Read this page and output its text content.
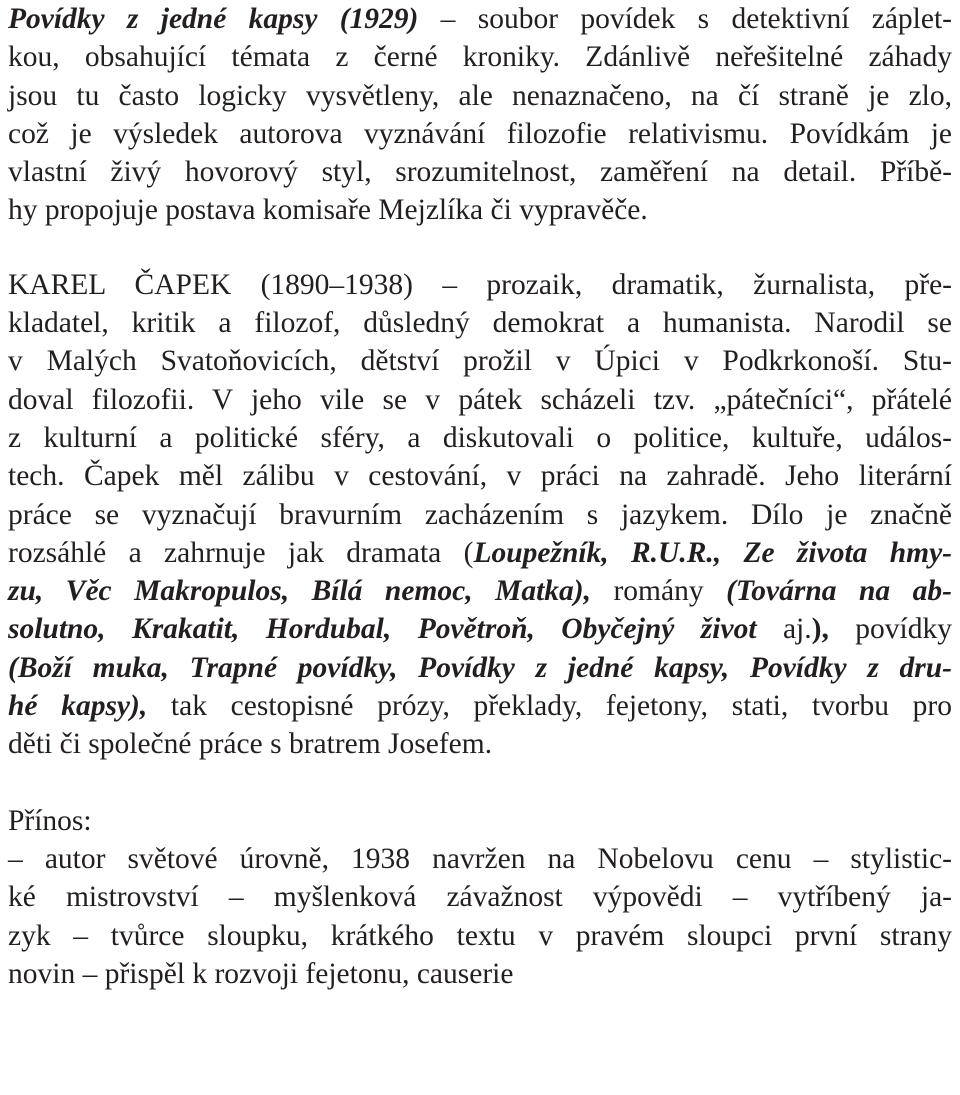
Povídky z jedné kapsy (1929) – soubor povídek s detektivní záplet-
kou, obsahující témata z černé kroniky. Zdánlivě neřešitelné záhady
jsou tu často logicky vysvětleny, ale nenaznačeno, na čí straně je zlo,
což je výsledek autorova vyznávání filozofie relativismu. Povídkám je
vlastní živý hovorový styl, srozumitelnost, zaměření na detail. Příbě-
hy propojuje postava komisaře Mejzlíka či vypravěče.

KAREL ČAPEK (1890–1938) – prozaik, dramatik, žurnalista, pře-
kladatel, kritik a filozof, důsledný demokrat a humanista. Narodil se
v Malých Svatoňovicích, dětství prožil v Úpici v Podkrkonoší. Stu-
doval filozofii. V jeho vile se v pátek scházeli tzv. „pátečníci“, přátelé
z kulturní a politické sféry, a diskutovali o politice, kultuře, událos-
tech. Čapek měl zálibu v cestování, v práci na zahradě. Jeho literární
práce se vyznačují bravurním zacházením s jazykem. Dílo je značně
rozsáhlé a zahrnuje jak dramata (Loupežník, R.U.R., Ze života hmy-
zu, Věc Makropulos, Bílá nemoc, Matka), romány (Továrna na ab-
solutno, Krakatit, Hordubal, Povětroň, Obyčejný život aj.), povídky
(Boží muka, Trapné povídky, Povídky z jedné kapsy, Povídky z dru-
hé kapsy), tak cestopisné prózy, překlady, fejetony, stati, tvorbu pro
děti či společné práce s bratrem Josefem.

Přínos:
– autor světové úrovně, 1938 navržen na Nobelovu cenu – stylistic-
ké mistrovství – myšlenková závažnost výpovědi – vytříbený ja-
zyk – tvůrce sloupku, krátkého textu v pravém sloupci první strany
novin – přispěl k rozvoji fejetonu, causerie
